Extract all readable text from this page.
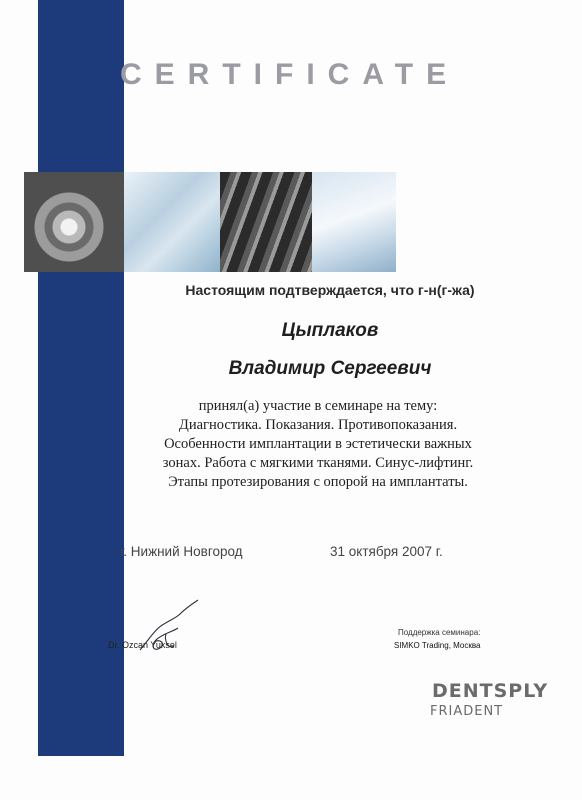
CERTIFICATE
Настоящим подтверждается, что г-н(г-жа)
Цыплаков
Владимир Сергеевич
принял(а) участие в семинаре на тему:
Диагностика. Показания. Противопоказания.
Особенности имплантации в эстетически важных
зонах. Работа с мягкими тканями. Синус-лифтинг.
Этапы протезирования с опорой на имплантаты.
г. Нижний Новгород	31 октября 2007 г.
Dr. Ozcan Yuksel
Поддержка семинара:
SIMKO Trading, Москва
DENTSPLY
FRIADENT
